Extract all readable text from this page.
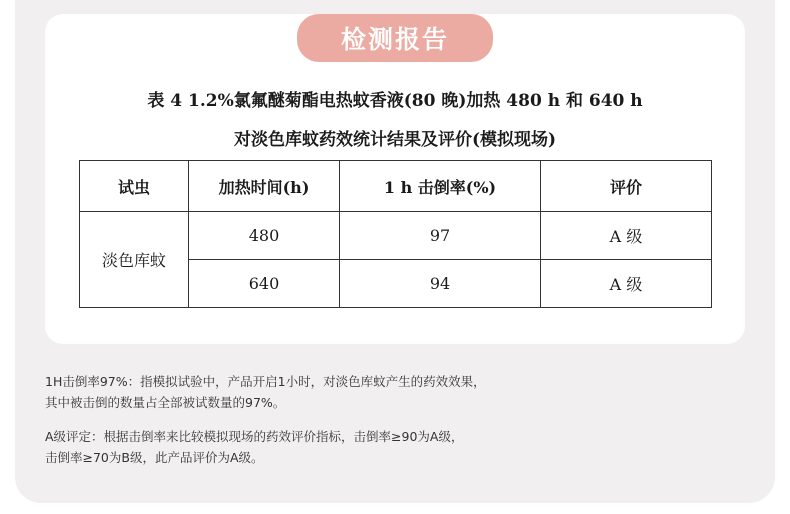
检测报告
表 4 1.2%氯氟醚菊酯电热蚊香液(80 晚)加热 480 h 和 640 h
对淡色库蚊药效统计结果及评价(模拟现场)
试虫	加热时间(h)	1 h 击倒率(%)	评价
淡色库蚊	480	97	A 级
	640	94	A 级

1H击倒率97%：指模拟试验中，产品开启1小时，对淡色库蚊产生的药效效果，

其中被击倒的数量占全部被试数量的97%。

A级评定：根据击倒率来比较模拟现场的药效评价指标，击倒率≥90为A级，

击倒率≥70为B级，此产品评价为A级。
